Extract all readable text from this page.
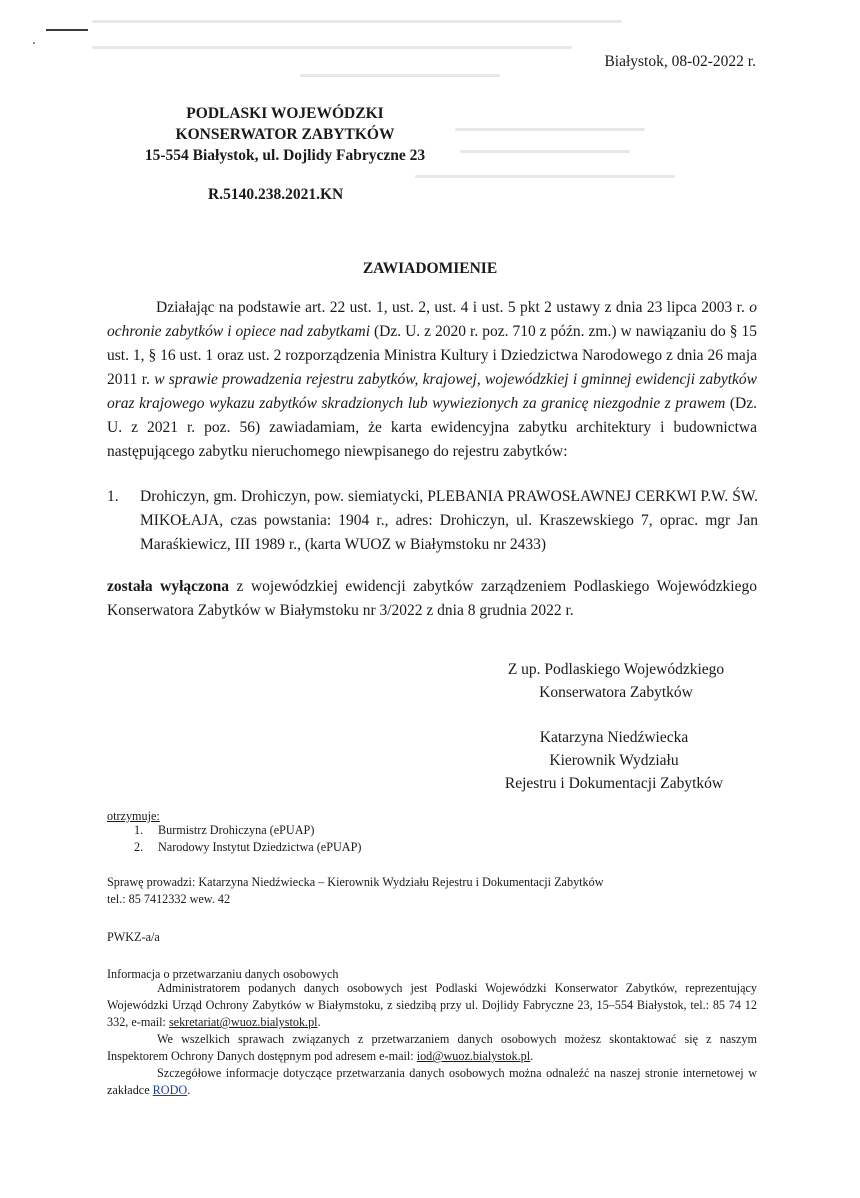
Białystok, 08-02-2022 r.
PODLASKI WOJEWÓDZKI
KONSERWATOR ZABYTKÓW
15-554 Białystok, ul. Dojlidy Fabryczne 23
R.5140.238.2021.KN
ZAWIADOMIENIE
Działając na podstawie art. 22 ust. 1, ust. 2, ust. 4 i ust. 5 pkt 2 ustawy z dnia 23 lipca 2003 r. o ochronie zabytków i opiece nad zabytkami (Dz. U. z 2020 r. poz. 710 z późn. zm.) w nawiązaniu do § 15 ust. 1, § 16 ust. 1 oraz ust. 2 rozporządzenia Ministra Kultury i Dziedzictwa Narodowego z dnia 26 maja 2011 r. w sprawie prowadzenia rejestru zabytków, krajowej, wojewódzkiej i gminnej ewidencji zabytków oraz krajowego wykazu zabytków skradzionych lub wywiezionych za granicę niezgodnie z prawem (Dz. U. z 2021 r. poz. 56) zawiadamiam, że karta ewidencyjna zabytku architektury i budownictwa następującego zabytku nieruchomego niewpisanego do rejestru zabytków:
1. Drohiczyn, gm. Drohiczyn, pow. siemiatycki, PLEBANIA PRAWOSŁAWNEJ CERKWI P.W. ŚW. MIKOŁAJA, czas powstania: 1904 r., adres: Drohiczyn, ul. Kraszewskiego 7, oprac. mgr Jan Maraśkiewicz, III 1989 r., (karta WUOZ w Białymstoku nr 2433)
została wyłączona z wojewódzkiej ewidencji zabytków zarządzeniem Podlaskiego Wojewódzkiego Konserwatora Zabytków w Białymstoku nr 3/2022 z dnia 8 grudnia 2022 r.
Z up. Podlaskiego Wojewódzkiego
Konserwatora Zabytków
Katarzyna Niedźwiecka
Kierownik Wydziału
Rejestru i Dokumentacji Zabytków
otrzymuje:
1.	Burmistrz Drohiczyna (ePUAP)
2.	Narodowy Instytut Dziedzictwa (ePUAP)
Sprawę prowadzi: Katarzyna Niedźwiecka – Kierownik Wydziału Rejestru i Dokumentacji Zabytków
tel.: 85 7412332 wew. 42
PWKZ-a/a
Informacja o przetwarzaniu danych osobowych

Administratorem podanych danych osobowych jest Podlaski Wojewódzki Konserwator Zabytków, reprezentujący Wojewódzki Urząd Ochrony Zabytków w Białymstoku, z siedzibą przy ul. Dojlidy Fabryczne 23, 15–554 Białystok, tel.: 85 74 12 332, e-mail: sekretariat@wuoz.bialystok.pl.

We wszelkich sprawach związanych z przetwarzaniem danych osobowych możesz skontaktować się z naszym Inspektorem Ochrony Danych dostępnym pod adresem e-mail: iod@wuoz.bialystok.pl.

Szczegółowe informacje dotyczące przetwarzania danych osobowych można odnaleźć na naszej stronie internetowej w zakładce RODO.
